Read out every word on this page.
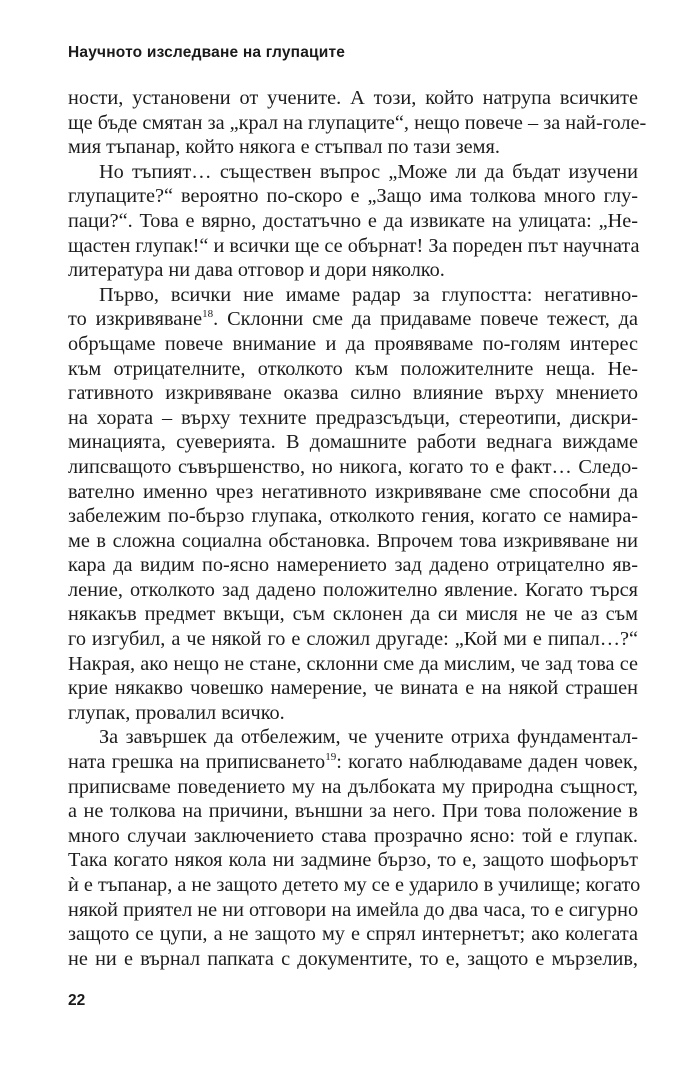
Научното изследване на глупаците
ности, установени от учените. А този, който натрупа всичките
ще бъде смятан за „крал на глупаците“, нещо повече – за най-голе-
мия тъпанар, който някога е стъпвал по тази земя.
Но тъпият… съществен въпрос „Може ли да бъдат изучени
глупаците?“ вероятно по-скоро е „Защо има толкова много глу-
паци?“. Това е вярно, достатъчно е да извикате на улицата: „Не-
щастен глупак!“ и всички ще се обърнат! За пореден път научната
литература ни дава отговор и дори няколко.
Първо, всички ние имаме радар за глупостта: негативно-
то изкривяване$^{18}$. Склонни сме да придаваме повече тежест, да
обръщаме повече внимание и да проявяваме по-голям интерес
към отрицателните, отколкото към положителните неща. Не-
гативното изкривяване оказва силно влияние върху мнението
на хората – върху техните предразсъдъци, стереотипи, дискри-
минацията, суеверията. В домашните работи веднага виждаме
липсващото съвършенство, но никога, когато то е факт… Следо-
вателно именно чрез негативното изкривяване сме способни да
забележим по-бързо глупака, отколкото гения, когато се намира-
ме в сложна социална обстановка. Впрочем това изкривяване ни
кара да видим по-ясно намерението зад дадено отрицателно яв-
ление, отколкото зад дадено положително явление. Когато търся
някакъв предмет вкъщи, съм склонен да си мисля не че аз съм
го изгубил, а че някой го е сложил другаде: „Кой ми е пипал…?“
Накрая, ако нещо не стане, склонни сме да мислим, че зад това се
крие някакво човешко намерение, че вината е на някой страшен
глупак, провалил всичко.
За завършек да отбележим, че учените отриха фундаментал-
ната грешка на приписването$^{19}$: когато наблюдаваме даден човек,
приписваме поведението му на дълбоката му природна същност,
а не толкова на причини, външни за него. При това положение в
много случаи заключението става прозрачно ясно: той е глупак.
Така когато някоя кола ни задмине бързо, то е, защото шофьорът
ѝ е тъпанар, а не защото детето му се е ударило в училище; когато
някой приятел не ни отговори на имейла до два часа, то е сигурно
защото се цупи, а не защото му е спрял интернетът; ако колегата
не ни е върнал папката с документите, то е, защото е мързелив,
22
